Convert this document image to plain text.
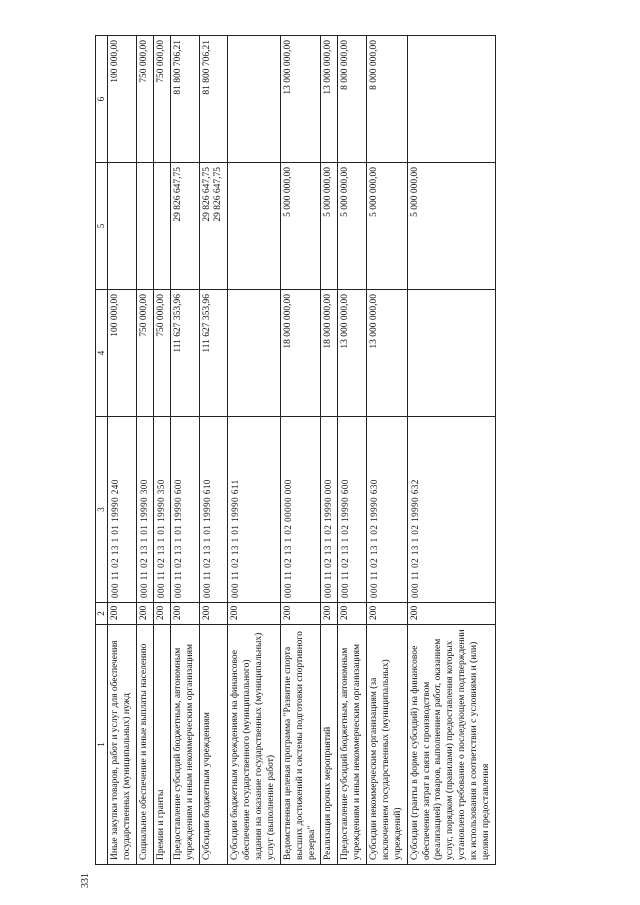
331
1	2	3	4	5	6
Иные закупки товаров, работ и услуг для обеспечения государственных (муниципальных) нужд	200	000 11 02 13 1 01 19990 240	100 000,00		100 000,00
Социальное обеспечение и иные выплаты населению	200	000 11 02 13 1 01 19990 300	750 000,00		750 000,00
Премии и гранты	200	000 11 02 13 1 01 19990 350	750 000,00		750 000,00
Предоставление субсидий бюджетным, автономным учреждениям и иным некоммерческим организациям	200	000 11 02 13 1 01 19990 600	111 627 353,96	29 826 647,75	81 800 706,21
Субсидии бюджетным учреждениям	200	000 11 02 13 1 01 19990 610	111 627 353,96	29 826 647,75 29 826 647,75	81 800 706,21
Субсидии бюджетным учреждениям на финансовое обеспечение государственного (муниципального) задания на оказание государственных (муниципальных) услуг (выполнение работ)	200	000 11 02 13 1 01 19990 611			
Ведомственная целевая программа "Развитие спорта высших достижений и системы подготовки спортивного резерва"	200	000 11 02 13 1 02 00000 000	18 000 000,00	5 000 000,00	13 000 000,00
Реализация прочих мероприятий	200	000 11 02 13 1 02 19990 000	18 000 000,00	5 000 000,00	13 000 000,00
Предоставление субсидий бюджетным, автономным учреждениям и иным некоммерческим организациям	200	000 11 02 13 1 02 19990 600	13 000 000,00	5 000 000,00	8 000 000,00
Субсидии некоммерческим организациям (за исключением государственных (муниципальных) учреждений)	200	000 11 02 13 1 02 19990 630	13 000 000,00	5 000 000,00	8 000 000,00
Субсидии (гранты в форме субсидий) на финансовое обеспечение затрат в связи с производством (реализацией) товаров, выполнением работ, оказанием услуг, порядком (правилами) предоставления которых установлено требование о последующем подтверждении их использования в соответствии с условиями и (или) целями предоставления	200	000 11 02 13 1 02 19990 632		5 000 000,00	
